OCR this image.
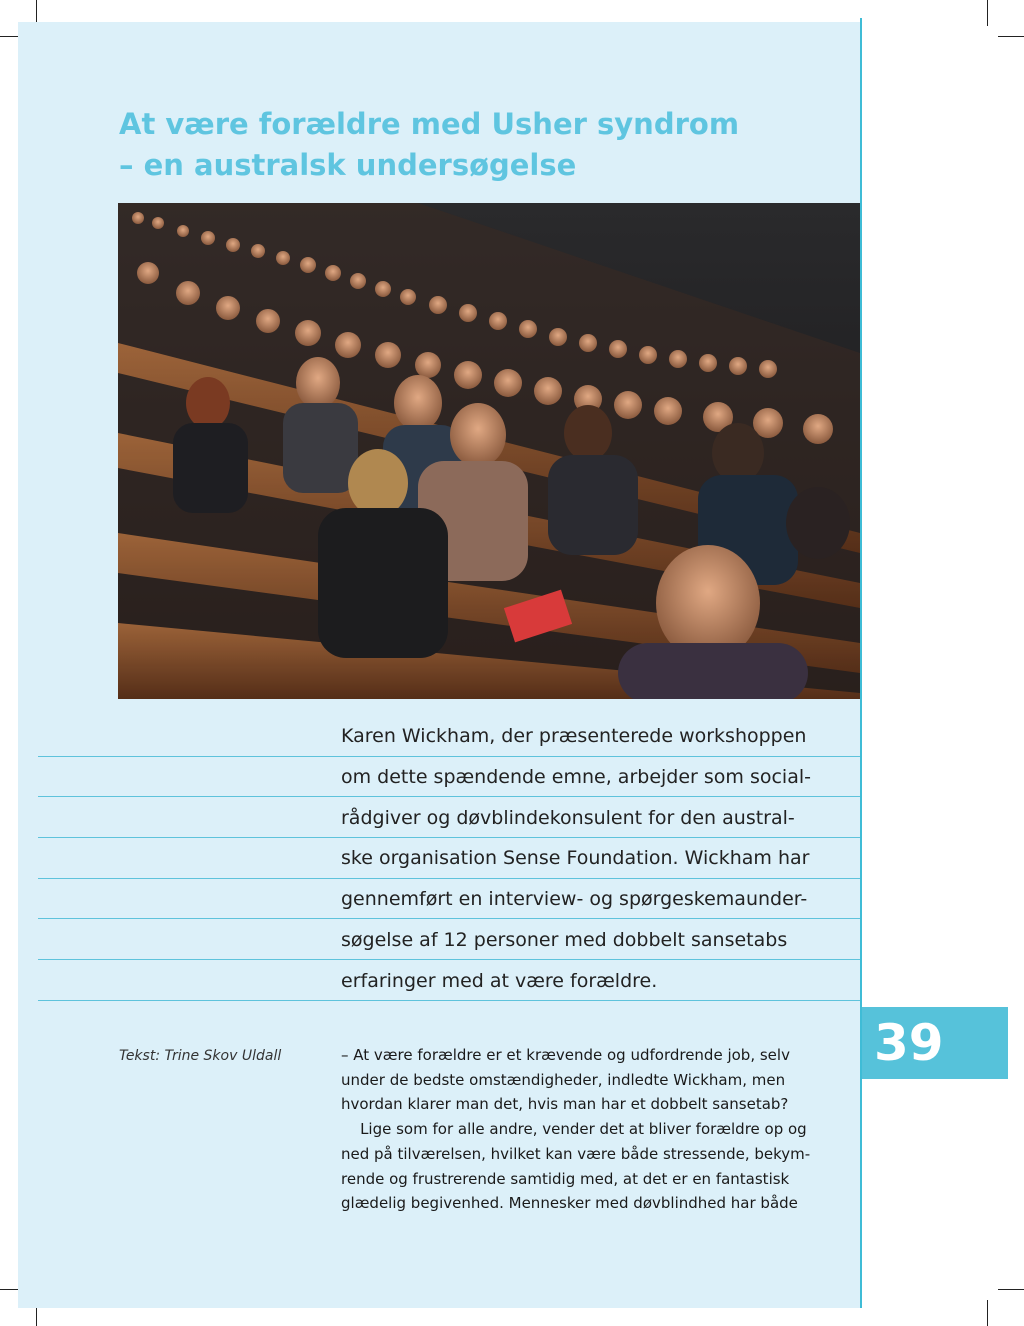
At være forældre med Usher syndrom
– en australsk undersøgelse
Karen Wickham, der præsenterede workshoppen
om dette spændende emne, arbejder som social-
rådgiver og døvblindekonsulent for den austral-
ske organisation Sense Foundation. Wickham har
gennemført en interview- og spørgeskemaunder-
søgelse af 12 personer med dobbelt sansetabs
erfaringer med at være forældre.
Tekst: Trine Skov Uldall	– At være forældre er et krævende og udfordrende job, selv
under de bedste omstændigheder, indledte Wickham, men
hvordan klarer man det, hvis man har et dobbelt sansetab?
Lige som for alle andre, vender det at bliver forældre op og
ned på tilværelsen, hvilket kan være både stressende, bekym-
rende og frustrerende samtidig med, at det er en fantastisk
glædelig begivenhed. Mennesker med døvblindhed har både
39
